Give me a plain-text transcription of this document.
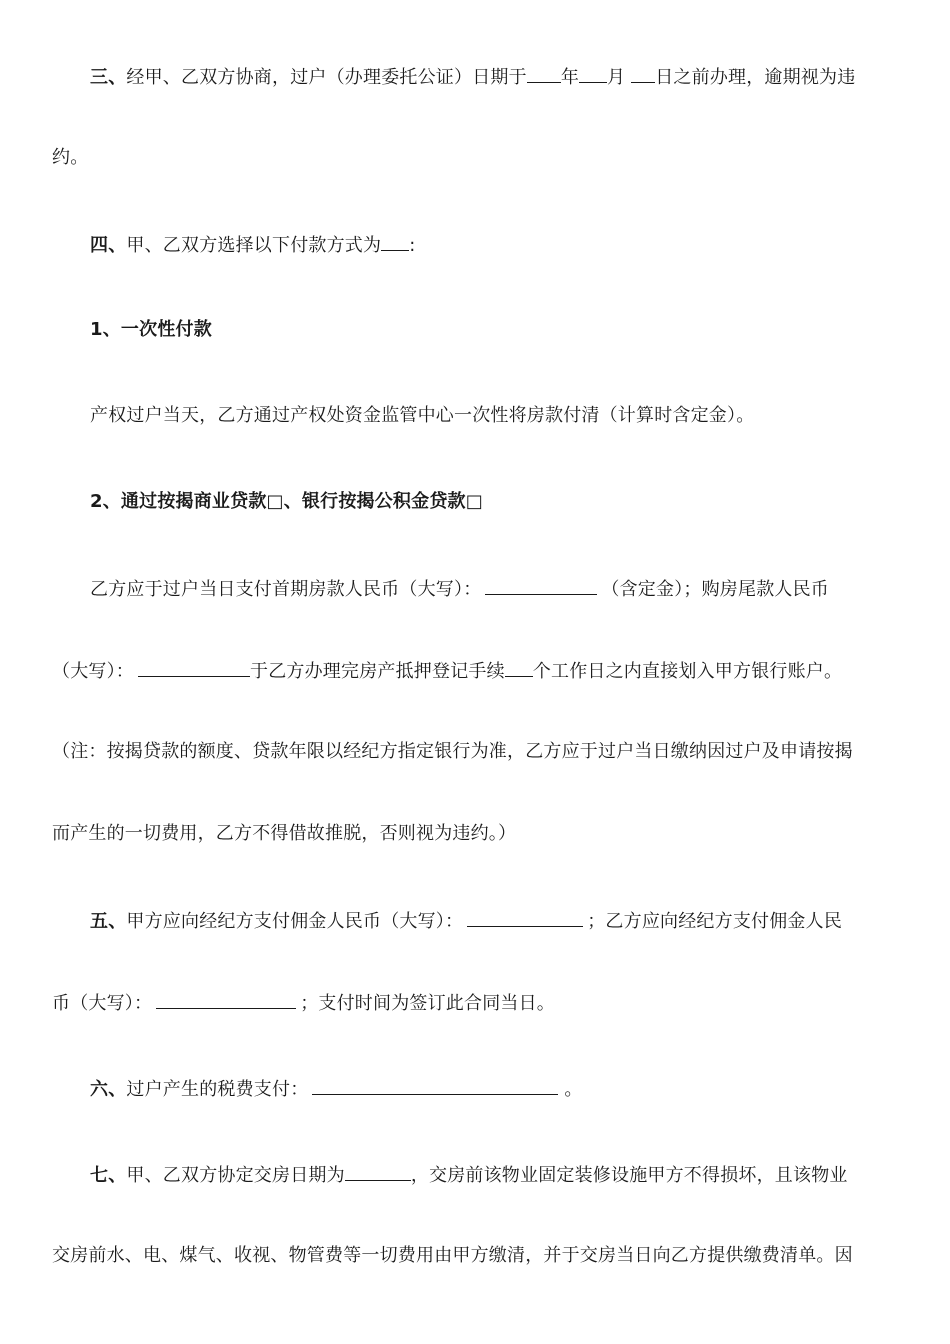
三、经甲、乙双方协商，过户（办理委托公证）日期于 年 月 日之前办理，逾期视为违
约。
四、甲、乙双方选择以下付款方式为 :
1、一次性付款
产权过户当天，乙方通过产权处资金监管中心一次性将房款付清（计算时含定金）。
2、通过按揭商业贷款□、银行按揭公积金贷款□
乙方应于过户当日支付首期房款人民币（大写）：	（含定金）；购房尾款人民币
（大写）：	于乙方办理完房产抵押登记手续 个工作日之内直接划入甲方银行账户。
（注：按揭贷款的额度、贷款年限以经纪方指定银行为准，乙方应于过户当日缴纳因过户及申请按揭
而产生的一切费用，乙方不得借故推脱，否则视为违约。）
五、甲方应向经纪方支付佣金人民币（大写）：	；乙方应向经纪方支付佣金人民
币（大写）：	；支付时间为签订此合同当日。
六、过户产生的税费支付：	。
七、甲、乙双方协定交房日期为	，交房前该物业固定装修设施甲方不得损坏，且该物业
交房前水、电、煤气、收视、物管费等一切费用由甲方缴清，并于交房当日向乙方提供缴费清单。因
